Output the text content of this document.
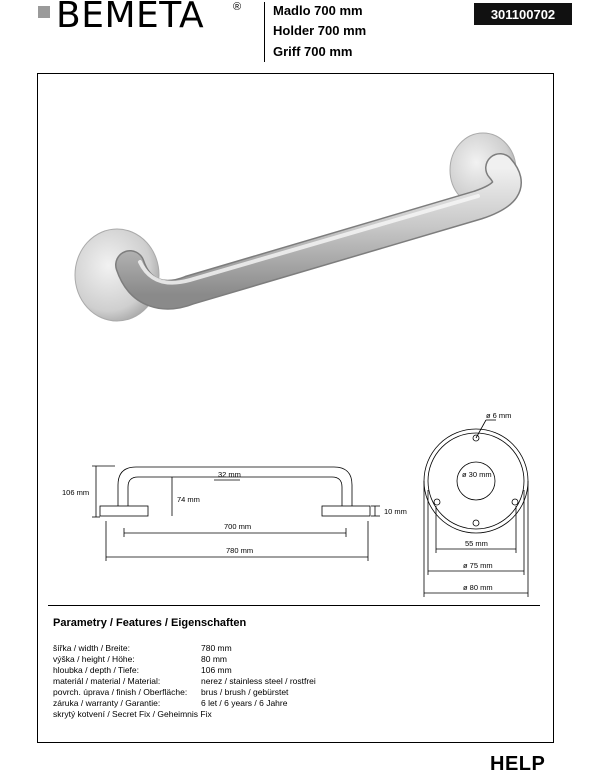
BEMETA	® Madlo 700 mm
Holder 700 mm
Griff 700 mm
301100702
106 mm
74 mm
32 mm
10 mm
700 mm
780 mm
ø 6 mm
ø 30 mm
55 mm
ø 75 mm
ø 80 mm
Parametry / Features / Eigenschaften
šířka / width / Breite:	780 mm
výška / height / Höhe:	80 mm
hloubka / depth / Tiefe:	106 mm
materiál / material / Material:	nerez / stainless steel / rostfrei
povrch. úprava / finish / Oberfläche: brus / brush / gebürstet
záruka / warranty / Garantie:	6 let / 6 years / 6 Jahre
skrytý kotvení / Secret Fix / Geheimnis Fix
HELP
